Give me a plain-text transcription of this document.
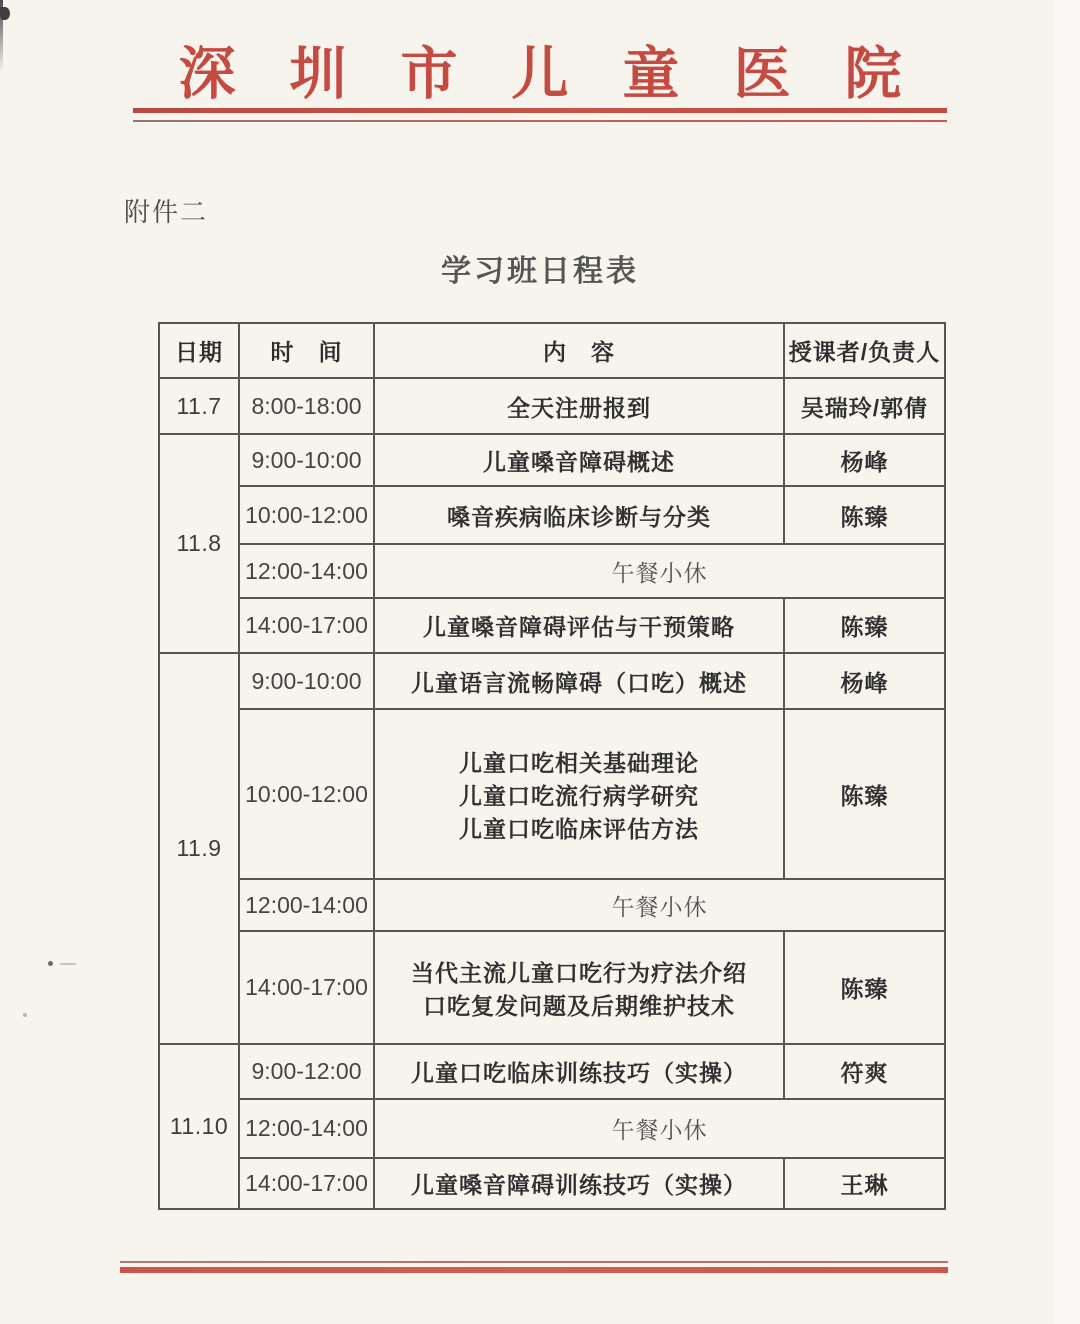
深圳市儿童医院
附件二
学习班日程表
日期	时　间	内　容	授课者/负责人
11.7	8:00-18:00	全天注册报到	吴瑞玲/郭倩
11.8	9:00-10:00	儿童嗓音障碍概述	杨峰
	10:00-12:00	嗓音疾病临床诊断与分类	陈臻
	12:00-14:00	午餐小休	
	14:00-17:00	儿童嗓音障碍评估与干预策略	陈臻
11.9	9:00-10:00	儿童语言流畅障碍（口吃）概述	杨峰
	10:00-12:00	儿童口吃相关基础理论
儿童口吃流行病学研究
儿童口吃临床评估方法	陈臻
	12:00-14:00	午餐小休	
	14:00-17:00	当代主流儿童口吃行为疗法介绍
口吃复发问题及后期维护技术	陈臻
11.10	9:00-12:00	儿童口吃临床训练技巧（实操）	符爽
	12:00-14:00	午餐小休	
	14:00-17:00	儿童嗓音障碍训练技巧（实操）	王琳
